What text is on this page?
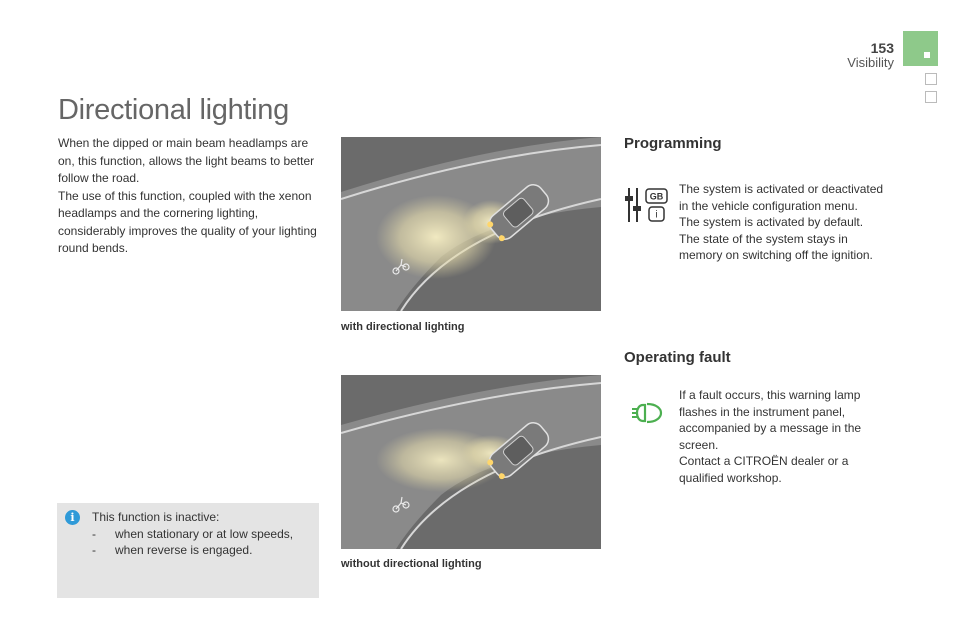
153
Visibility
Directional lighting

When the dipped or main beam headlamps are on, this function, allows the light beams to better follow the road.

The use of this function, coupled with the xenon headlamps and the cornering lighting, considerably improves the quality of your lighting round bends.

i	This function is inactive:
- when stationary or at low speeds,
- when reverse is engaged.
with directional lighting
without directional lighting
Programming
GB
i

The system is activated or deactivated in the vehicle configuration menu.

The system is activated by default.

The state of the system stays in memory on switching off the ignition.

Operating fault

If a fault occurs, this warning lamp flashes in the instrument panel, accompanied by a message in the screen.

Contact a CITROËN dealer or a qualified workshop.
